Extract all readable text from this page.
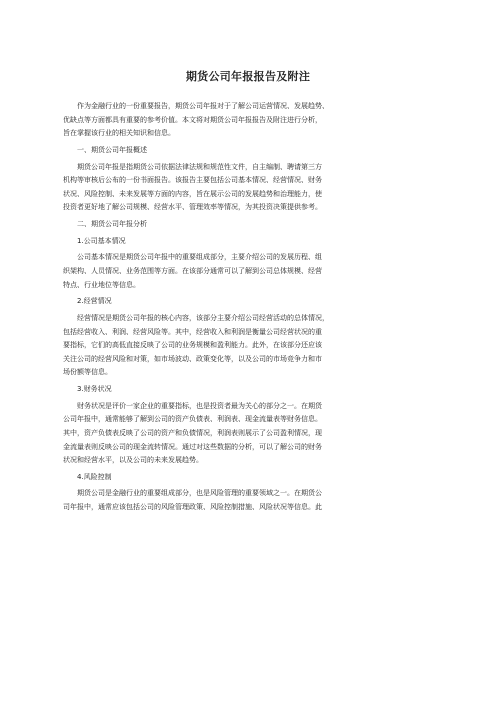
期货公司年报报告及附注
作为金融行业的一份重要报告，期货公司年报对于了解公司运营情况、发展趋势、
优缺点等方面都具有重要的参考价值。本文将对期货公司年报报告及附注进行分析，
旨在掌握该行业的相关知识和信息。
一、期货公司年报概述
期货公司年报是指期货公司依据法律法规和规范性文件，自主编制、聘请第三方
机构等审核后公布的一份书面报告。该报告主要包括公司基本情况、经营情况、财务
状况、风险控制、未来发展等方面的内容，旨在展示公司的发展趋势和治理能力，使
投资者更好地了解公司规模、经营水平、管理效率等情况，为其投资决策提供参考。
二、期货公司年报分析
1.公司基本情况
公司基本情况是期货公司年报中的重要组成部分，主要介绍公司的发展历程、组
织架构、人员情况、业务范围等方面。在该部分通常可以了解到公司总体规模、经营
特点、行业地位等信息。
2.经营情况
经营情况是期货公司年报的核心内容，该部分主要介绍公司经营活动的总体情况，
包括经营收入、利润、经营风险等。其中，经营收入和利润是衡量公司经营状况的重
要指标，它们的高低直接反映了公司的业务规模和盈利能力。此外，在该部分还应该
关注公司的经营风险和对策，如市场波动、政策变化等，以及公司的市场竞争力和市
场份额等信息。
3.财务状况
财务状况是评价一家企业的重要指标，也是投资者最为关心的部分之一。在期货
公司年报中，通常能够了解到公司的资产负债表、利润表、现金流量表等财务信息。
其中，资产负债表反映了公司的资产和负债情况，利润表则展示了公司盈利情况，现
金流量表则反映公司的现金流转情况。通过对这些数据的分析，可以了解公司的财务
状况和经营水平，以及公司的未来发展趋势。
4.风险控制
期货公司是金融行业的重要组成部分，也是风险管理的重要领域之一。在期货公
司年报中，通常应该包括公司的风险管理政策、风险控制措施、风险状况等信息。此
